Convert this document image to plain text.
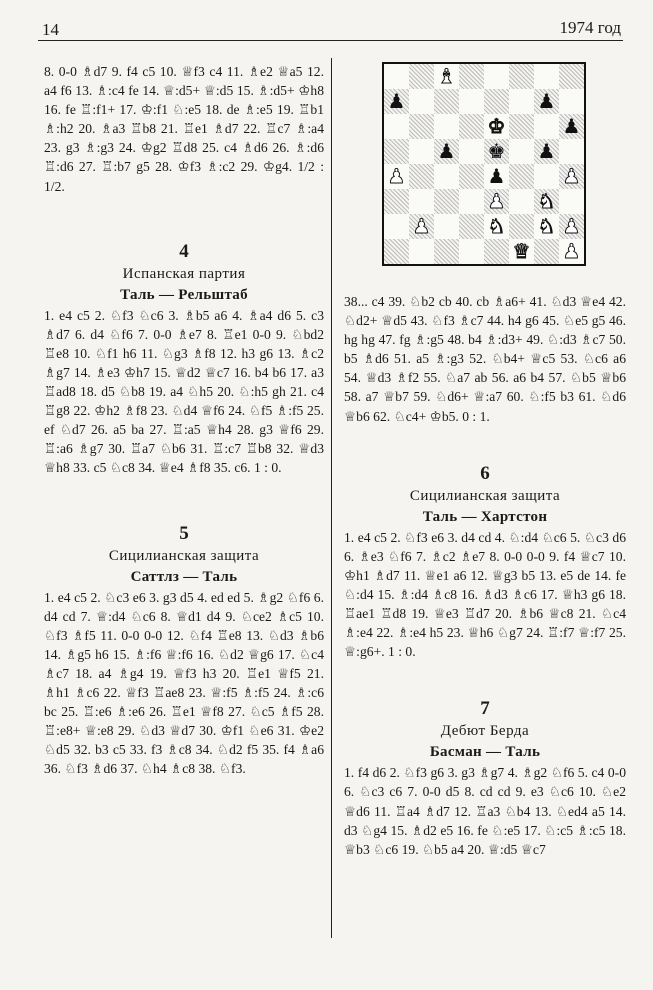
14	1974 год
8. 0-0 ♗d7 9. f4 c5 10. ♕f3 c4 11. ♗e2 ♕a5 12. a4 f6 13. ♗:c4 fe 14. ♕:d5+ ♕:d5 15. ♗:d5+ ♔h8 16. fe ♖:f1+ 17. ♔:f1 ♘:e5 18. de ♗:e5 19. ♖b1 ♗:h2 20. ♗a3 ♖b8 21. ♖e1 ♗d7 22. ♖c7 ♗:a4 23. g3 ♗:g3 24. ♔g2 ♖d8 25. c4 ♗d6 26. ♗:d6 ♖:d6 27. ♖:b7 g5 28. ♔f3 ♗:c2 29. ♔g4. 1/2 : 1/2.
4
Испанская партия
Таль — Рельштаб
1. e4 c5 2. ♘f3 ♘c6 3. ♗b5 a6 4. ♗a4 d6 5. c3 ♗d7 6. d4 ♘f6 7. 0-0 ♗e7 8. ♖e1 0-0 9. ♘bd2 ♖e8 10. ♘f1 h6 11. ♘g3 ♗f8 12. h3 g6 13. ♗c2 ♗g7 14. ♗e3 ♔h7 15. ♕d2 ♕c7 16. b4 b6 17. a3 ♖ad8 18. d5 ♘b8 19. a4 ♘h5 20. ♘:h5 gh 21. c4 ♖g8 22. ♔h2 ♗f8 23. ♘d4 ♕f6 24. ♘f5 ♗:f5 25. ef ♘d7 26. a5 ba 27. ♖:a5 ♕h4 28. g3 ♕f6 29. ♖:a6 ♗g7 30. ♖a7 ♘b6 31. ♖:c7 ♖b8 32. ♕d3 ♕h8 33. c5 ♘c8 34. ♕e4 ♗f8 35. c6. 1 : 0.
5
Сицилианская защита
Саттлз — Таль
1. e4 c5 2. ♘c3 e6 3. g3 d5 4. ed ed 5. ♗g2 ♘f6 6. d4 cd 7. ♕:d4 ♘c6 8. ♕d1 d4 9. ♘ce2 ♗c5 10. ♘f3 ♗f5 11. 0-0 0-0 12. ♘f4 ♖e8 13. ♘d3 ♗b6 14. ♗g5 h6 15. ♗:f6 ♕:f6 16. ♘d2 ♕g6 17. ♘c4 ♗c7 18. a4 ♗g4 19. ♕f3 h3 20. ♖e1 ♕f5 21. ♗h1 ♗c6 22. ♕f3 ♖ae8 23. ♕:f5 ♗:f5 24. ♗:c6 bc 25. ♖:e6 ♗:e6 26. ♖e1 ♕f8 27. ♘c5 ♗f5 28. ♖:e8+ ♕:e8 29. ♘d3 ♕d7 30. ♔f1 ♘e6 31. ♔e2 ♘d5 32. b3 c5 33. f3 ♗c8 34. ♘d2 f5 35. f4 ♗a6 36. ♘f3 ♗d6 37. ♘h4 ♗c8 38. ♘f3.
♝
♟	♟
♚	♟
♟ ♚ ♟
♟	♟	♟
♟ ♞
♟	♞ ♞ ♟
♛ ♟
38... c4 39. ♘b2 cb 40. cb ♗a6+ 41. ♘d3 ♕e4 42. ♘d2+ ♕d5 43. ♘f3 ♗c7 44. h4 g6 45. ♘e5 g5 46. hg hg 47. fg ♗:g5 48. b4 ♗:d3+ 49. ♘:d3 ♗c7 50. b5 ♗d6 51. a5 ♗:g3 52. ♘b4+ ♕c5 53. ♘c6 a6 54. ♕d3 ♗f2 55. ♘a7 ab 56. a6 b4 57. ♘b5 ♕b6 58. a7 ♕b7 59. ♘d6+ ♕:a7 60. ♘:f5 b3 61. ♘d6 ♕b6 62. ♘c4+ ♔b5. 0 : 1.
6
Сицилианская защита
Таль — Хартстон
1. e4 c5 2. ♘f3 e6 3. d4 cd 4. ♘:d4 ♘c6 5. ♘c3 d6 6. ♗e3 ♘f6 7. ♗c2 ♗e7 8. 0-0 0-0 9. f4 ♕c7 10. ♔h1 ♗d7 11. ♕e1 a6 12. ♕g3 b5 13. e5 de 14. fe ♘:d4 15. ♗:d4 ♗c8 16. ♗d3 ♗c6 17. ♕h3 g6 18. ♖ae1 ♖d8 19. ♕e3 ♖d7 20. ♗b6 ♕c8 21. ♘c4 ♗:e4 22. ♗:e4 h5 23. ♕h6 ♘g7 24. ♖:f7 ♕:f7 25. ♕:g6+. 1 : 0.
7
Дебют Берда
Басман — Таль
1. f4 d6 2. ♘f3 g6 3. g3 ♗g7 4. ♗g2 ♘f6 5. c4 0-0 6. ♘c3 c6 7. 0-0 d5 8. cd cd 9. e3 ♘c6 10. ♘e2 ♕d6 11. ♖a4 ♗d7 12. ♖a3 ♘b4 13. ♘ed4 a5 14. d3 ♘g4 15. ♗d2 e5 16. fe ♘:e5 17. ♘:c5 ♗:c5 18. ♕b3 ♘c6 19. ♘b5 a4 20. ♕:d5 ♕c7
